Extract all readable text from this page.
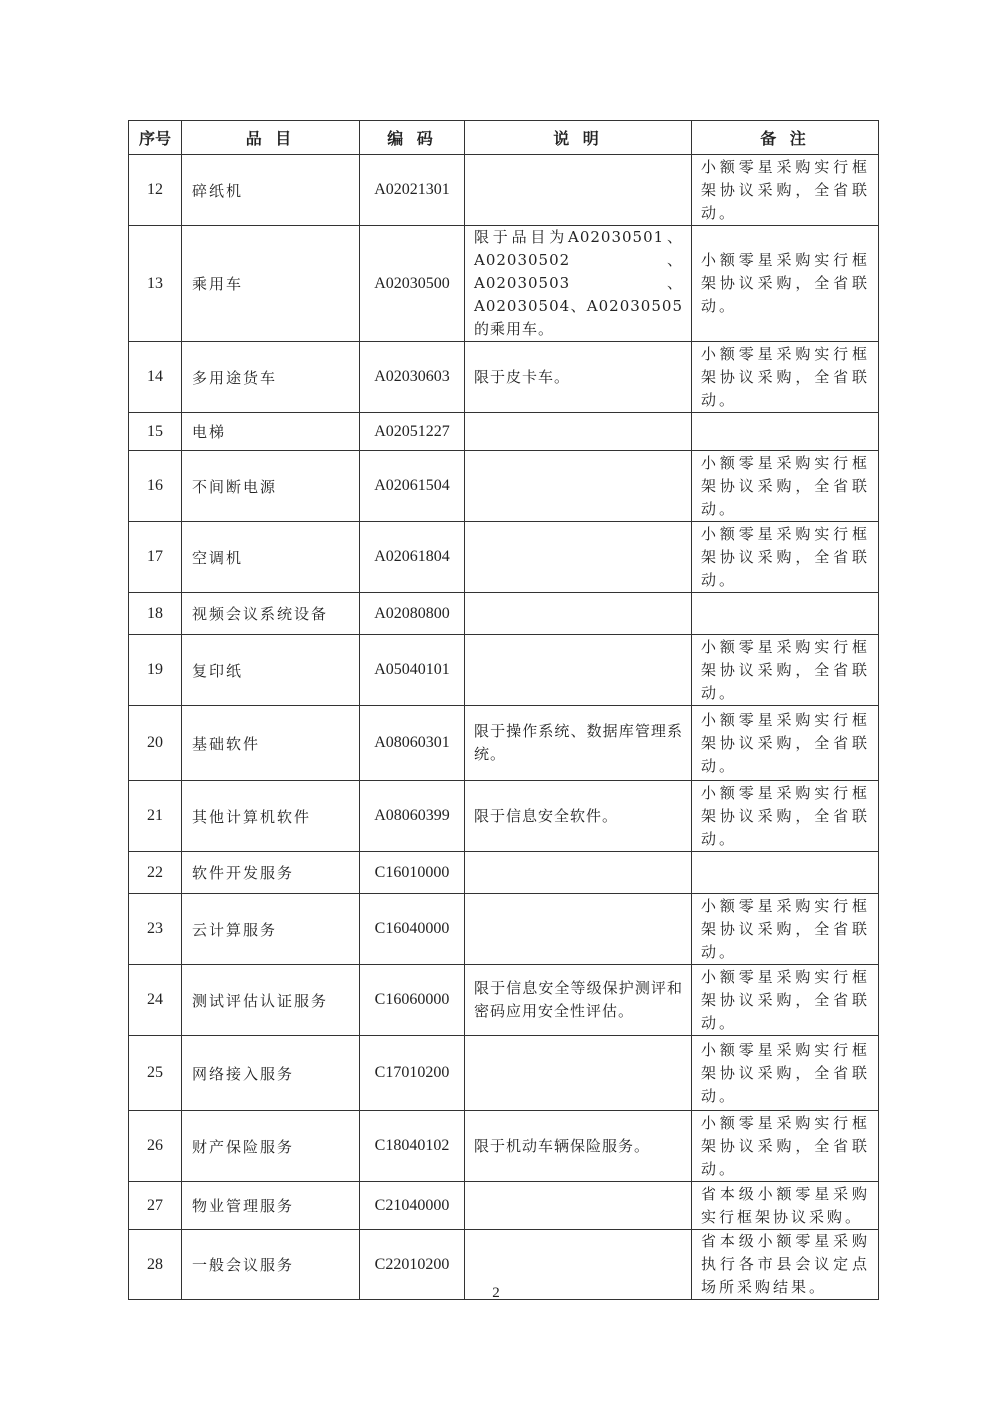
序号	品 目	编 码	说 明	备 注
12	碎纸机	A02021301		小额零星采购实行框架协议采购，全省联动。
13	乘用车	A02030500	限于品目为A02030501、A02030502、A02030503、A02030504、A02030505的乘用车。	小额零星采购实行框架协议采购，全省联动。
14	多用途货车	A02030603	限于皮卡车。	小额零星采购实行框架协议采购，全省联动。
15	电梯	A02051227		
16	不间断电源	A02061504		小额零星采购实行框架协议采购，全省联动。
17	空调机	A02061804		小额零星采购实行框架协议采购，全省联动。
18	视频会议系统设备	A02080800		
19	复印纸	A05040101		小额零星采购实行框架协议采购，全省联动。
20	基础软件	A08060301	限于操作系统、数据库管理系统。	小额零星采购实行框架协议采购，全省联动。
21	其他计算机软件	A08060399	限于信息安全软件。	小额零星采购实行框架协议采购，全省联动。
22	软件开发服务	C16010000		
23	云计算服务	C16040000		小额零星采购实行框架协议采购，全省联动。
24	测试评估认证服务	C16060000	限于信息安全等级保护测评和密码应用安全性评估。	小额零星采购实行框架协议采购，全省联动。
25	网络接入服务	C17010200		小额零星采购实行框架协议采购，全省联动。
26	财产保险服务	C18040102	限于机动车辆保险服务。	小额零星采购实行框架协议采购，全省联动。
27	物业管理服务	C21040000		省本级小额零星采购实行框架协议采购。
28	一般会议服务	C22010200		省本级小额零星采购执行各市县会议定点场所采购结果。
2
